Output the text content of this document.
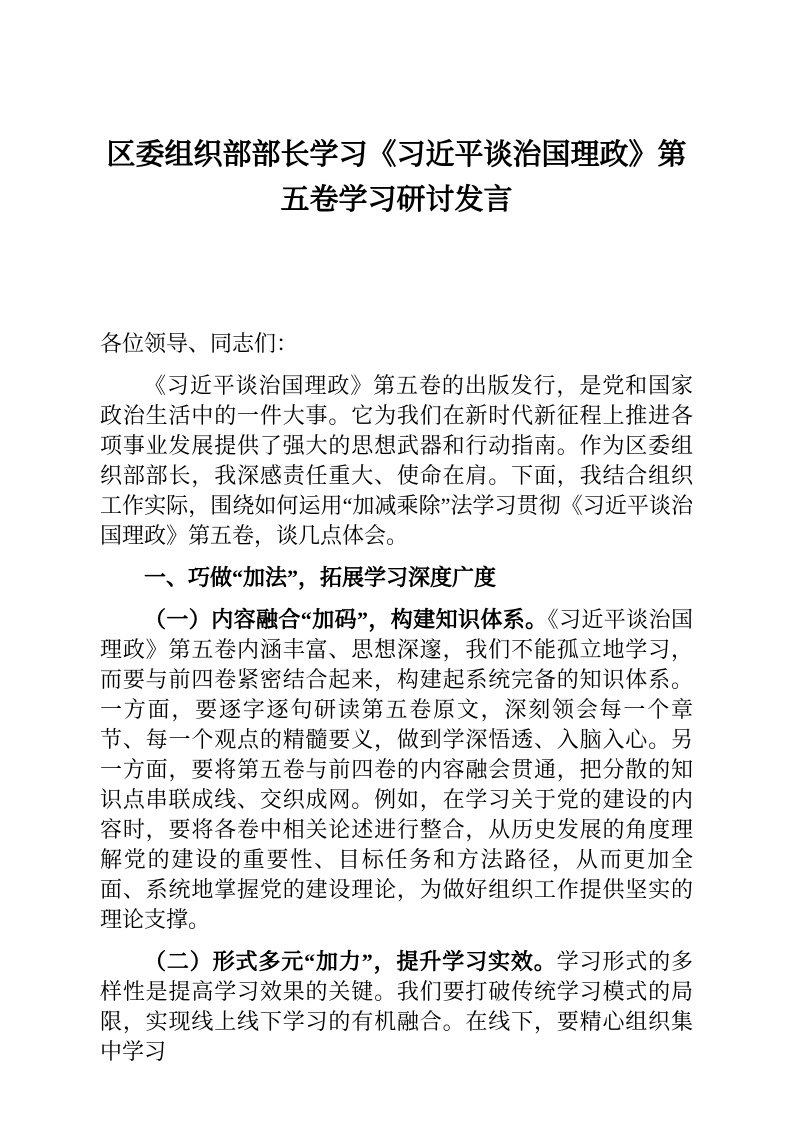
区委组织部部长学习《习近平谈治国理政》第五卷学习研讨发言

各位领导、同志们：

《习近平谈治国理政》第五卷的出版发行，是党和国家政治生活中的一件大事。它为我们在新时代新征程上推进各项事业发展提供了强大的思想武器和行动指南。作为区委组织部部长，我深感责任重大、使命在肩。下面，我结合组织工作实际，围绕如何运用“加减乘除”法学习贯彻《习近平谈治国理政》第五卷，谈几点体会。

一、巧做“加法”，拓展学习深度广度

（一）内容融合“加码”，构建知识体系。《习近平谈治国理政》第五卷内涵丰富、思想深邃，我们不能孤立地学习，而要与前四卷紧密结合起来，构建起系统完备的知识体系。一方面，要逐字逐句研读第五卷原文，深刻领会每一个章节、每一个观点的精髓要义，做到学深悟透、入脑入心。另一方面，要将第五卷与前四卷的内容融会贯通，把分散的知识点串联成线、交织成网。例如，在学习关于党的建设的内容时，要将各卷中相关论述进行整合，从历史发展的角度理解党的建设的重要性、目标任务和方法路径，从而更加全面、系统地掌握党的建设理论，为做好组织工作提供坚实的理论支撑。

（二）形式多元“加力”，提升学习实效。学习形式的多样性是提高学习效果的关键。我们要打破传统学习模式的局限，实现线上线下学习的有机融合。在线下，要精心组织集中学习
